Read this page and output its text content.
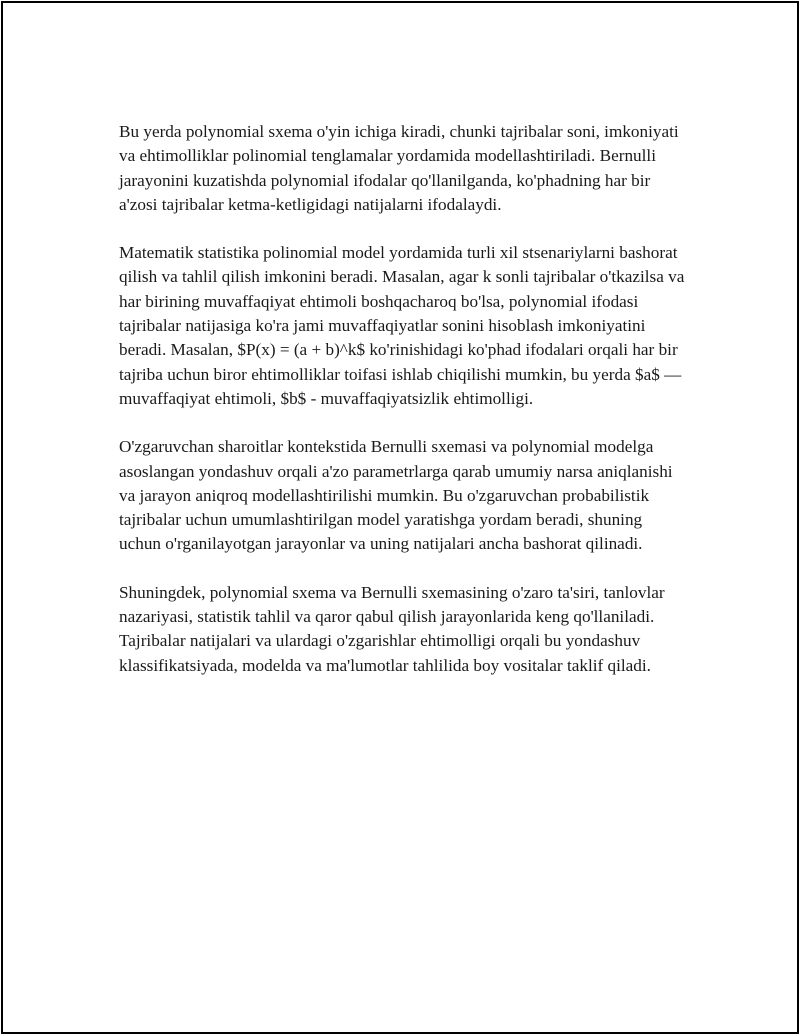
Bu yerda polynomial sxema o'yin ichiga kiradi, chunki tajribalar soni, imkoniyati va ehtimolliklar polinomial tenglamalar yordamida modellashtiriladi. Bernulli jarayonini kuzatishda polynomial ifodalar qo'llanilganda, ko'phadning har bir a'zosi tajribalar ketma-ketligidagi natijalarni ifodalaydi.

Matematik statistika polinomial model yordamida turli xil stsenariylarni bashorat qilish va tahlil qilish imkonini beradi. Masalan, agar k sonli tajribalar o'tkazilsa va har birining muvaffaqiyat ehtimoli boshqacharoq bo'lsa, polynomial ifodasi tajribalar natijasiga ko'ra jami muvaffaqiyatlar sonini hisoblash imkoniyatini beradi. Masalan, $P(x) = (a + b)^k$ ko'rinishidagi ko'phad ifodalari orqali har bir tajriba uchun biror ehtimolliklar toifasi ishlab chiqilishi mumkin, bu yerda $a$ — muvaffaqiyat ehtimoli, $b$ - muvaffaqiyatsizlik ehtimolligi.

O'zgaruvchan sharoitlar kontekstida Bernulli sxemasi va polynomial modelga asoslangan yondashuv orqali a'zo parametrlarga qarab umumiy narsa aniqlanishi va jarayon aniqroq modellashtirilishi mumkin. Bu o'zgaruvchan probabilistik tajribalar uchun umumlashtirilgan model yaratishga yordam beradi, shuning uchun o'rganilayotgan jarayonlar va uning natijalari ancha bashorat qilinadi.

Shuningdek, polynomial sxema va Bernulli sxemasining o'zaro ta'siri, tanlovlar nazariyasi, statistik tahlil va qaror qabul qilish jarayonlarida keng qo'llaniladi. Tajribalar natijalari va ulardagi o'zgarishlar ehtimolligi orqali bu yondashuv klassifikatsiyada, modelda va ma'lumotlar tahlilida boy vositalar taklif qiladi.
